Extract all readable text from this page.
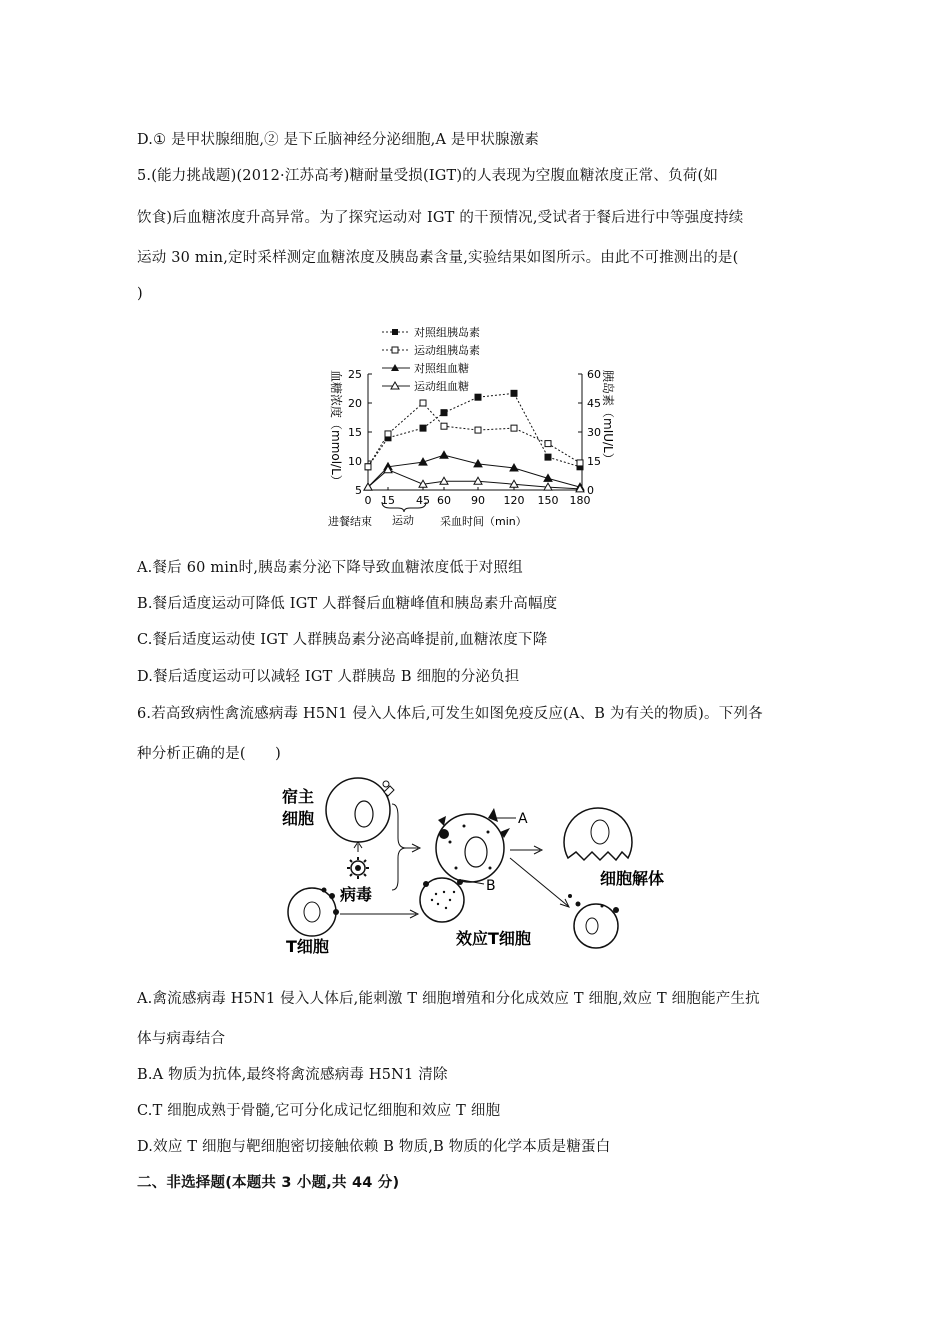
D.① 是甲状腺细胞,② 是下丘脑神经分泌细胞,A 是甲状腺激素
5.(能力挑战题)(2012·江苏高考)糖耐量受损(IGT)的人表现为空腹血糖浓度正常、负荷(如
饮食)后血糖浓度升高异常。为了探究运动对 IGT 的干预情况,受试者于餐后进行中等强度持续
运动 30 min,定时采样测定血糖浓度及胰岛素含量,实验结果如图所示。由此不可推测出的是(
)
对照组胰岛素
运动组胰岛素
对照组血糖
运动组血糖
血糖浓度（mmol/L）	胰岛素（mIU/L）
5
10
15
20
25
0
15
30
45
60
0 15 45 60 90 120 150 180
进餐结束 运动 采血时间（min）
A.餐后 60 min时,胰岛素分泌下降导致血糖浓度低于对照组
B.餐后适度运动可降低 IGT 人群餐后血糖峰值和胰岛素升高幅度
C.餐后适度运动使 IGT 人群胰岛素分泌高峰提前,血糖浓度下降
D.餐后适度运动可以减轻 IGT 人群胰岛 B 细胞的分泌负担
6.若高致病性禽流感病毒 H5N1 侵入人体后,可发生如图免疫反应(A、B 为有关的物质)。下列各
种分析正确的是(　　)
宿主
细胞
病毒
T细胞
A
B
效应T细胞
细胞解体
A.禽流感病毒 H5N1 侵入人体后,能刺激 T 细胞增殖和分化成效应 T 细胞,效应 T 细胞能产生抗
体与病毒结合
B.A 物质为抗体,最终将禽流感病毒 H5N1 清除
C.T 细胞成熟于骨髓,它可分化成记忆细胞和效应 T 细胞
D.效应 T 细胞与靶细胞密切接触依赖 B 物质,B 物质的化学本质是糖蛋白
二、非选择题(本题共 3 小题,共 44 分)
